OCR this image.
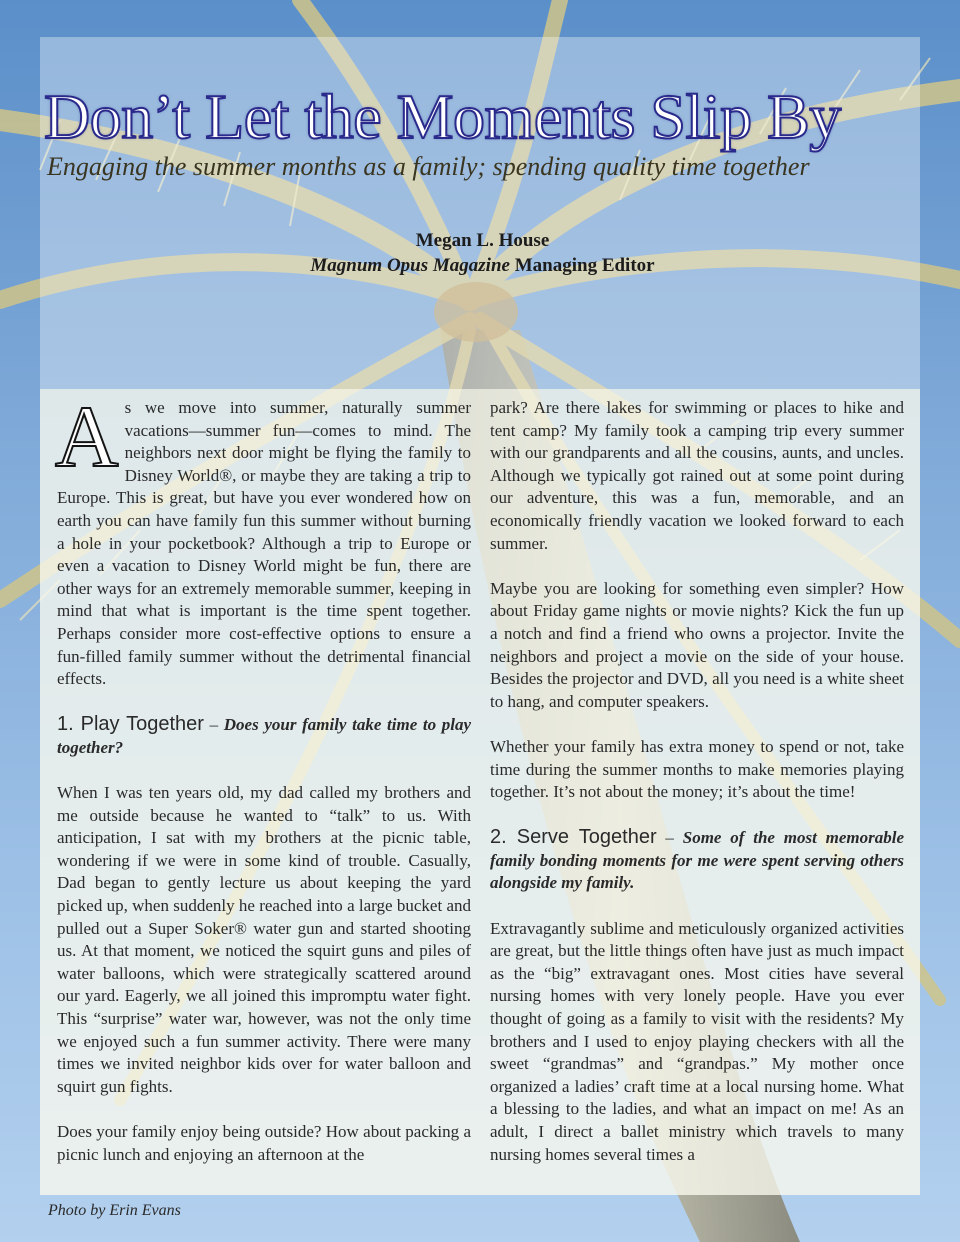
Don’t Let the Moments Slip By

Engaging the summer months as a family; spending quality time together

Megan L. House
Magnum Opus Magazine Managing Editor

As we move into summer, naturally summer vacations—summer fun—comes to mind. The neighbors next door might be flying the family to Disney World®, or maybe they are taking a trip to Europe. This is great, but have you ever wondered how on earth you can have family fun this summer without burning a hole in your pocketbook? Although a trip to Europe or even a vacation to Disney World might be fun, there are other ways for an extremely memorable summer, keeping in mind that what is important is the time spent together. Perhaps consider more cost-effective options to ensure a fun-filled family summer without the detrimental financial effects.

1. Play Together – Does your family take time to play together?

When I was ten years old, my dad called my brothers and me outside because he wanted to “talk” to us. With anticipation, I sat with my brothers at the picnic table, wondering if we were in some kind of trouble. Casually, Dad began to gently lecture us about keeping the yard picked up, when suddenly he reached into a large bucket and pulled out a Super Soker® water gun and started shooting us. At that moment, we noticed the squirt guns and piles of water balloons, which were strategically scattered around our yard. Eagerly, we all joined this impromptu water fight. This “surprise” water war, however, was not the only time we enjoyed such a fun summer activity. There were many times we invited neighbor kids over for water balloon and squirt gun fights.

Does your family enjoy being outside? How about packing a picnic lunch and enjoying an afternoon at the

park? Are there lakes for swimming or places to hike and tent camp? My family took a camping trip every summer with our grandparents and all the cousins, aunts, and uncles. Although we typically got rained out at some point during our adventure, this was a fun, memorable, and an economically friendly vacation we looked forward to each summer.

Maybe you are looking for something even simpler? How about Friday game nights or movie nights? Kick the fun up a notch and find a friend who owns a projector. Invite the neighbors and project a movie on the side of your house. Besides the projector and DVD, all you need is a white sheet to hang, and computer speakers.

Whether your family has extra money to spend or not, take time during the summer months to make memories playing together. It’s not about the money; it’s about the time!

2. Serve Together – Some of the most memorable family bonding moments for me were spent serving others alongside my family.

Extravagantly sublime and meticulously organized activities are great, but the little things often have just as much impact as the “big” extravagant ones. Most cities have several nursing homes with very lonely people. Have you ever thought of going as a family to visit with the residents? My brothers and I used to enjoy playing checkers with all the sweet “grandmas” and “grandpas.” My mother once organized a ladies’ craft time at a local nursing home. What a blessing to the ladies, and what an impact on me! As an adult, I direct a ballet ministry which travels to many nursing homes several times a

Photo by Erin Evans
